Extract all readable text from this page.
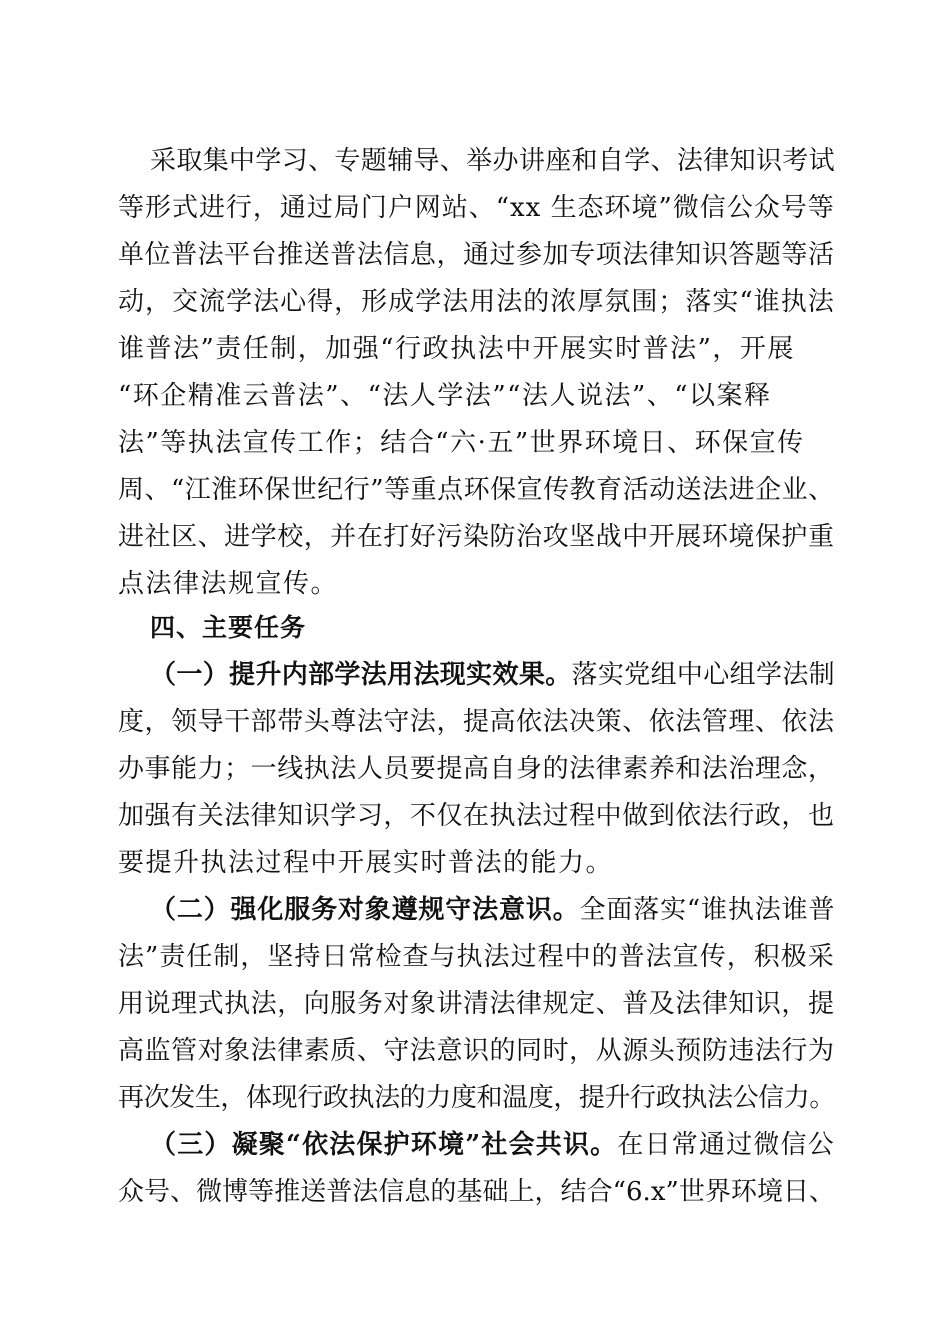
采取集中学习、专题辅导、举办讲座和自学、法律知识考试
等形式进行，通过局门户网站、“xx 生态环境”微信公众号等
单位普法平台推送普法信息，通过参加专项法律知识答题等活
动，交流学法心得，形成学法用法的浓厚氛围；落实“谁执法
谁普法”责任制，加强“行政执法中开展实时普法”，开展
“环企精准云普法”、“法人学法”“法人说法”、“以案释
法”等执法宣传工作；结合“六·五”世界环境日、环保宣传
周、“江淮环保世纪行”等重点环保宣传教育活动送法进企业、
进社区、进学校，并在打好污染防治攻坚战中开展环境保护重
点法律法规宣传。
四、主要任务
（一）提升内部学法用法现实效果。落实党组中心组学法制
度，领导干部带头尊法守法，提高依法决策、依法管理、依法
办事能力；一线执法人员要提高自身的法律素养和法治理念，
加强有关法律知识学习，不仅在执法过程中做到依法行政，也
要提升执法过程中开展实时普法的能力。
（二）强化服务对象遵规守法意识。全面落实“谁执法谁普
法”责任制，坚持日常检查与执法过程中的普法宣传，积极采
用说理式执法，向服务对象讲清法律规定、普及法律知识，提
高监管对象法律素质、守法意识的同时，从源头预防违法行为
再次发生，体现行政执法的力度和温度，提升行政执法公信力。
（三）凝聚“依法保护环境”社会共识。在日常通过微信公
众号、微博等推送普法信息的基础上，结合“6.x”世界环境日、
